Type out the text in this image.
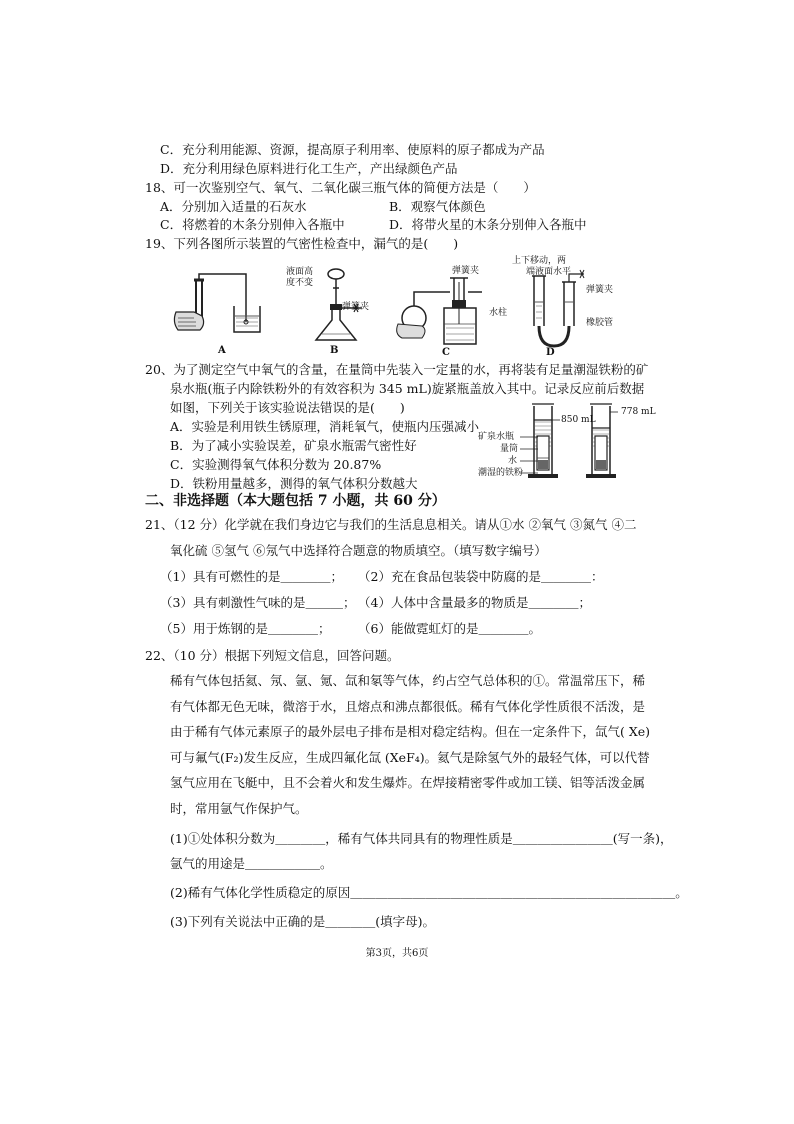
C．充分利用能源、资源，提高原子利用率、使原料的原子都成为产品
D．充分利用绿色原料进行化工生产，产出绿颜色产品
18、可一次鉴别空气、氧气、二氧化碳三瓶气体的简便方法是（　　）
A．分别加入适量的石灰水	B．观察气体颜色
C．将燃着的木条分别伸入各瓶中	D．将带火星的木条分别伸入各瓶中
19、下列各图所示装置的气密性检查中，漏气的是(　　)
A
液面高
度不变
弹簧夹
B
弹簧夹
水柱
C
上下移动，两
端液面水平
弹簧夹
橡胶管
D
20、为了测定空气中氧气的含量，在量筒中先装入一定量的水，再将装有足量潮湿铁粉的矿
泉水瓶(瓶子内除铁粉外的有效容积为 345 mL)旋紧瓶盖放入其中。记录反应前后数据
如图，下列关于该实验说法错误的是(　　)
A．实验是利用铁生锈原理，消耗氧气，使瓶内压强减小
B．为了减小实验误差，矿泉水瓶需气密性好
C．实验测得氧气体积分数为 20.87%
D．铁粉用量越多，测得的氧气体积分数越大
850 mL
778 mL
矿泉水瓶
量筒
水
潮湿的铁粉
二、非选择题（本大题包括 7 小题，共 60 分）
21、（12 分）化学就在我们身边它与我们的生活息息相关。请从①水 ②氧气 ③氮气 ④二
氧化硫 ⑤氢气 ⑥氖气中选择符合题意的物质填空。（填写数字编号）
（1）具有可燃性的是＿＿＿＿； （2）充在食品包装袋中防腐的是＿＿＿＿：
（3）具有刺激性气味的是＿＿＿； （4）人体中含量最多的物质是＿＿＿＿；
（5）用于炼钢的是＿＿＿＿； （6）能做霓虹灯的是＿＿＿＿。
22、（10 分）根据下列短文信息，回答问题。
稀有气体包括氦、氖、氩、氪、氙和氡等气体，约占空气总体积的①。常温常压下，稀
有气体都无色无味，微溶于水，且熔点和沸点都很低。稀有气体化学性质很不活泼，是
由于稀有气体元素原子的最外层电子排布是相对稳定结构。但在一定条件下，氙气( Xe)
可与氟气(F₂)发生反应，生成四氟化氙 (XeF₄)。氦气是除氢气外的最轻气体，可以代替
氢气应用在飞艇中，且不会着火和发生爆炸。在焊接精密零件或加工镁、铝等活泼金属
时，常用氩气作保护气。
(1)①处体积分数为＿＿＿＿，稀有气体共同具有的物理性质是＿＿＿＿＿＿＿＿(写一条)，
氩气的用途是＿＿＿＿＿＿。
(2)稀有气体化学性质稳定的原因＿＿＿＿＿＿＿＿＿＿＿＿＿＿＿＿＿＿＿＿＿＿＿＿＿＿。
(3)下列有关说法中正确的是＿＿＿＿(填字母)。
第3页，共6页
